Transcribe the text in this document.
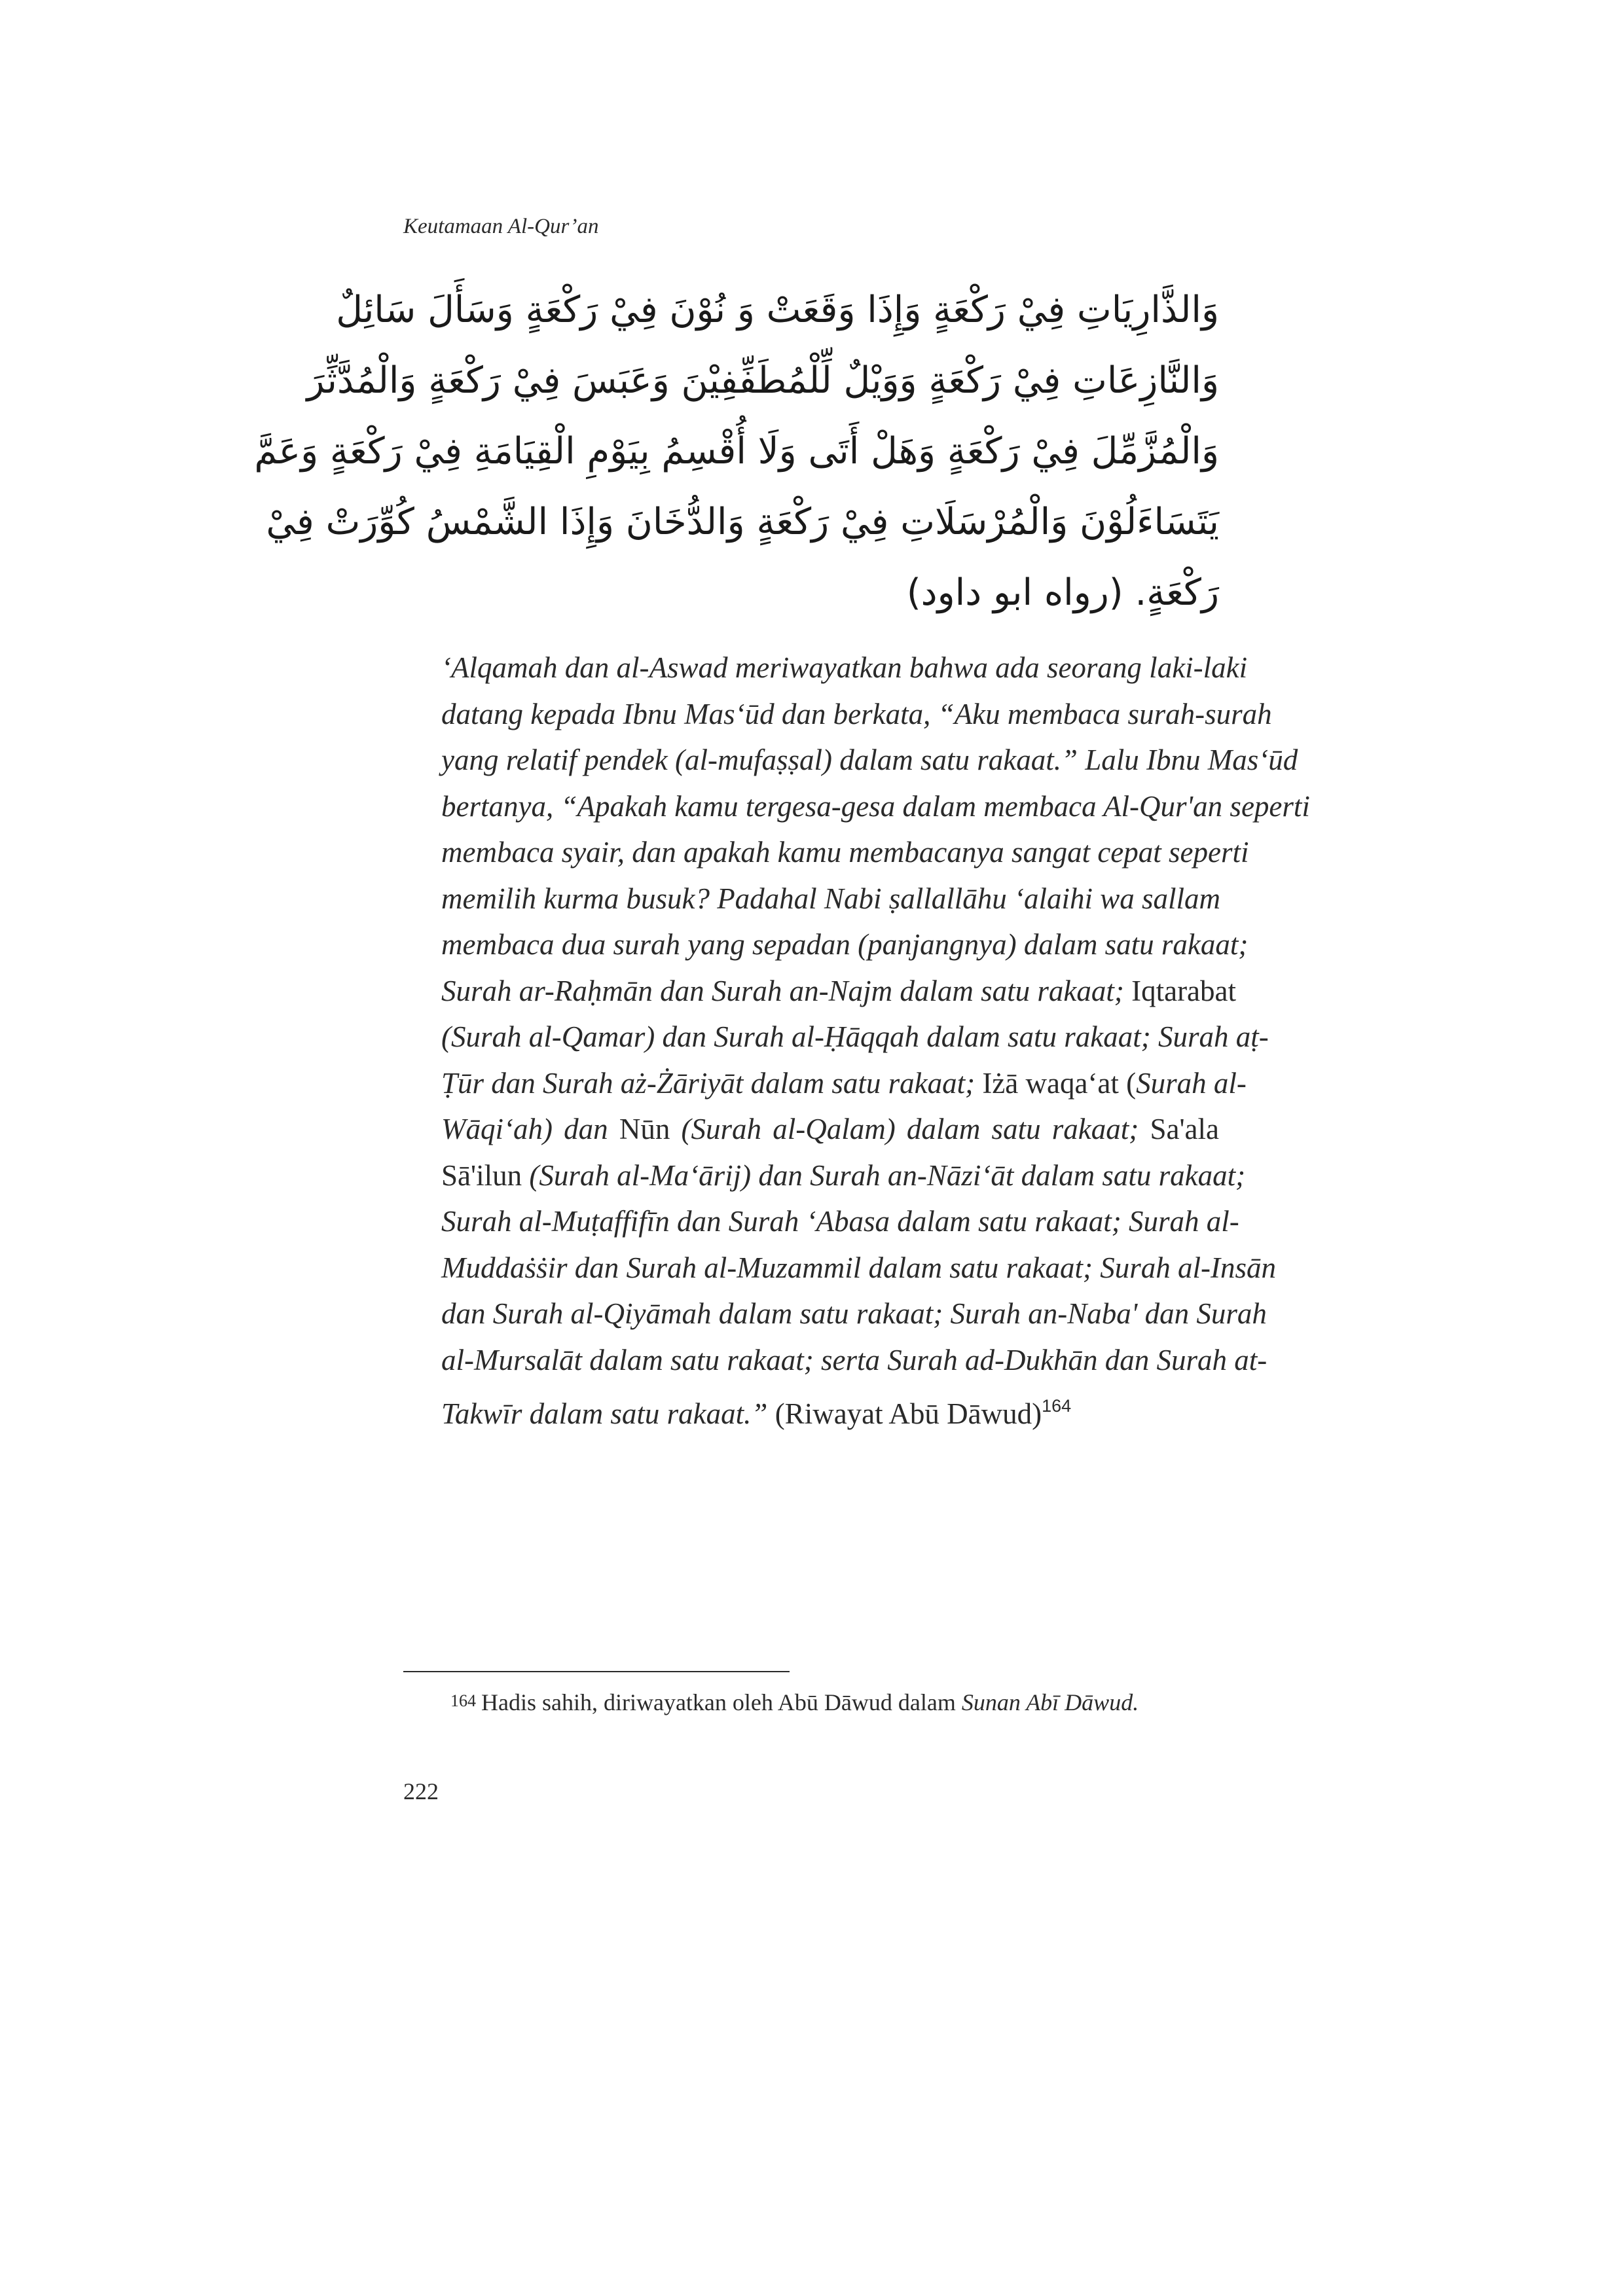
Keutamaan Al-Qur’an
وَالذَّارِيَاتِ فِيْ رَكْعَةٍ وَإِذَا وَقَعَتْ وَ نُوْنَ فِيْ رَكْعَةٍ وَسَأَلَ سَائِلٌ
وَالنَّازِعَاتِ فِيْ رَكْعَةٍ وَوَيْلٌ لِّلْمُطَفِّفِيْنَ وَعَبَسَ فِيْ رَكْعَةٍ وَالْمُدَّثِّرَ
وَالْمُزَّمِّلَ فِيْ رَكْعَةٍ وَهَلْ أَتَى وَلَا أُقْسِمُ بِيَوْمِ الْقِيَامَةِ فِيْ رَكْعَةٍ وَعَمَّ
يَتَسَاءَلُوْنَ وَالْمُرْسَلَاتِ فِيْ رَكْعَةٍ وَالدُّخَانَ وَإِذَا الشَّمْسُ كُوِّرَتْ فِيْ
رَكْعَةٍ. (رواه ابو داود)
‘Alqamah dan al-Aswad meriwayatkan bahwa ada seorang laki-laki
datang kepada Ibnu Mas‘ūd dan berkata, “Aku membaca surah-surah
yang relatif pendek (al-mufaṣṣal) dalam satu rakaat.” Lalu Ibnu Mas‘ūd
bertanya, “Apakah kamu tergesa-gesa dalam membaca Al-Qur'an seperti
membaca syair, dan apakah kamu membacanya sangat cepat seperti
memilih kurma busuk? Padahal Nabi ṣallallāhu ‘alaihi wa sallam
membaca dua surah yang sepadan (panjangnya) dalam satu rakaat;
Surah ar-Raḥmān dan Surah an-Najm dalam satu rakaat; Iqtarabat
(Surah al-Qamar) dan Surah al-Ḥāqqah dalam satu rakaat; Surah aṭ-
Ṭūr dan Surah aż-Żāriyāt dalam satu rakaat; Iżā waqa‘at (Surah al-
Wāqi‘ah) dan Nūn (Surah al-Qalam) dalam satu rakaat; Sa'ala
Sā'ilun (Surah al-Ma‘ārij) dan Surah an-Nāzi‘āt dalam satu rakaat;
Surah al-Muṭaffifīn dan Surah ‘Abasa dalam satu rakaat; Surah al-
Muddaṡṡir dan Surah al-Muzammil dalam satu rakaat; Surah al-Insān
dan Surah al-Qiyāmah dalam satu rakaat; Surah an-Naba' dan Surah
al-Mursalāt dalam satu rakaat; serta Surah ad-Dukhān dan Surah at-
Takwīr dalam satu rakaat.” (Riwayat Abū Dāwud)$^{164}$
164 Hadis sahih, diriwayatkan oleh Abū Dāwud dalam Sunan Abī Dāwud.
222
